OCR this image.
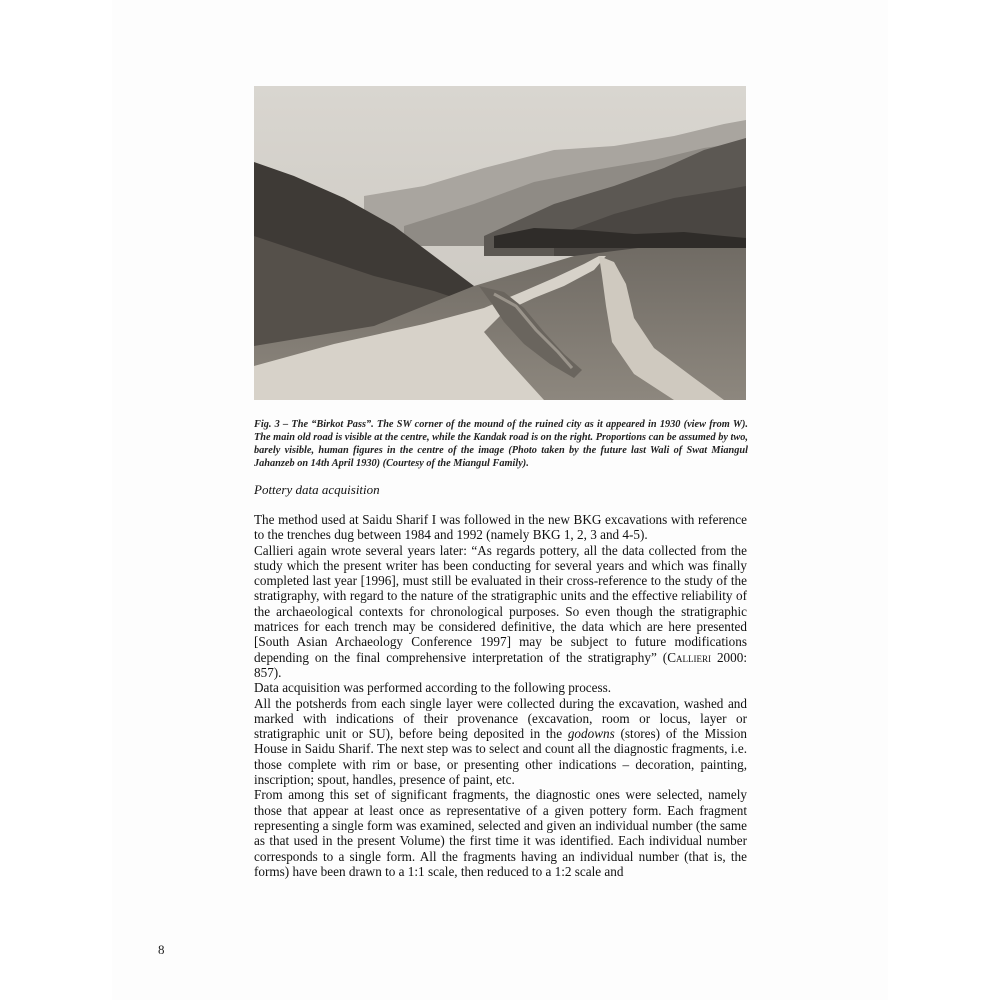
Fig. 3 – The “Birkot Pass”. The SW corner of the mound of the ruined city as it appeared in 1930 (view from W). The main old road is visible at the centre, while the Kandak road is on the right. Proportions can be assumed by two, barely visible, human figures in the centre of the image (Photo taken by the future last Wali of Swat Miangul Jahanzeb on 14th April 1930) (Courtesy of the Miangul Family).
Pottery data acquisition

The method used at Saidu Sharif I was followed in the new BKG excavations with reference to the trenches dug between 1984 and 1992 (namely BKG 1, 2, 3 and 4-5).

Callieri again wrote several years later: “As regards pottery, all the data collected from the study which the present writer has been conducting for several years and which was finally completed last year [1996], must still be evaluated in their cross-reference to the study of the stratigraphy, with regard to the nature of the stratigraphic units and the effective reliability of the archaeological contexts for chronological purposes. So even though the stratigraphic matrices for each trench may be considered definitive, the data which are here presented [South Asian Archaeology Conference 1997] may be subject to future modifications depending on the final comprehensive interpretation of the stratigraphy” (Callieri 2000: 857).

Data acquisition was performed according to the following process.

All the potsherds from each single layer were collected during the excavation, washed and marked with indications of their provenance (excavation, room or locus, layer or stratigraphic unit or SU), before being deposited in the godowns (stores) of the Mission House in Saidu Sharif. The next step was to select and count all the diagnostic fragments, i.e. those complete with rim or base, or presenting other indications – decoration, painting, inscription; spout, handles, presence of paint, etc.

From among this set of significant fragments, the diagnostic ones were selected, namely those that appear at least once as representative of a given pottery form. Each fragment representing a single form was examined, selected and given an individual number (the same as that used in the present Volume) the first time it was identified. Each individual number corresponds to a single form. All the fragments having an individual number (that is, the forms) have been drawn to a 1:1 scale, then reduced to a 1:2 scale and

8
